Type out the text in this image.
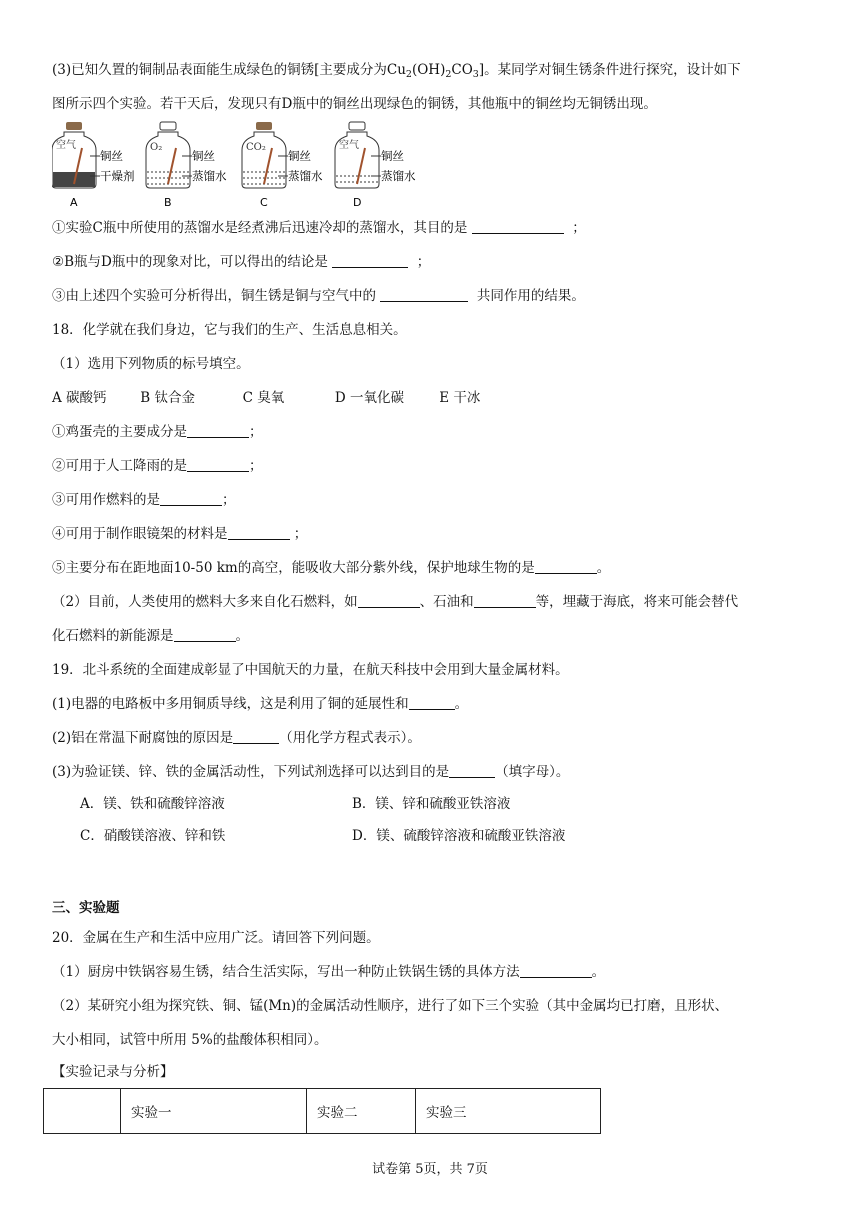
(3)已知久置的铜制品表面能生成绿色的铜锈[主要成分为$Cu_2(OH)_2CO_3$]。某同学对铜生锈条件进行探究，设计如下
图所示四个实验。若干天后，发现只有D瓶中的铜丝出现绿色的铜锈，其他瓶中的铜丝均无铜锈出现。
空气
铜丝
干燥剂
A
O₂
铜丝
蒸馏水
B
CO₂
铜丝
蒸馏水
C
空气
铜丝
蒸馏水
D
①实验C瓶中所使用的蒸馏水是经煮沸后迅速冷却的蒸馏水，其目的是	；
②B瓶与D瓶中的现象对比，可以得出的结论是	；
③由上述四个实验可分析得出，铜生锈是铜与空气中的	共同作用的结果。
18．化学就在我们身边，它与我们的生产、生活息息相关。
（1）选用下列物质的标号填空。
A 碳酸钙	B 钛合金	C 臭氧	D 一氧化碳	E 干冰
①鸡蛋壳的主要成分是	；
②可用于人工降雨的是	；
③可用作燃料的是	；
④可用于制作眼镜架的材料是	；
⑤主要分布在距地面10-50 km的高空，能吸收大部分紫外线，保护地球生物的是	。
（2）目前，人类使用的燃料大多来自化石燃料，如	、石油和	等，埋藏于海底，将来可能会替代
化石燃料的新能源是	。
19．北斗系统的全面建成彰显了中国航天的力量，在航天科技中会用到大量金属材料。
(1)电器的电路板中多用铜质导线，这是利用了铜的延展性和	。
(2)铝在常温下耐腐蚀的原因是	（用化学方程式表示）。
(3)为验证镁、锌、铁的金属活动性，下列试剂选择可以达到目的是	（填字母）。
A．镁、铁和硫酸锌溶液	B．镁、锌和硫酸亚铁溶液
C．硝酸镁溶液、锌和铁	D．镁、硫酸锌溶液和硫酸亚铁溶液
三、实验题
20．金属在生产和生活中应用广泛。请回答下列问题。
（1）厨房中铁锅容易生锈，结合生活实际，写出一种防止铁锅生锈的具体方法	。
（2）某研究小组为探究铁、铜、锰(Mn)的金属活动性顺序，进行了如下三个实验（其中金属均已打磨，且形状、
大小相同，试管中所用 5%的盐酸体积相同）。
【实验记录与分析】
	实验一	实验二	实验三
试卷第 5页，共 7页
